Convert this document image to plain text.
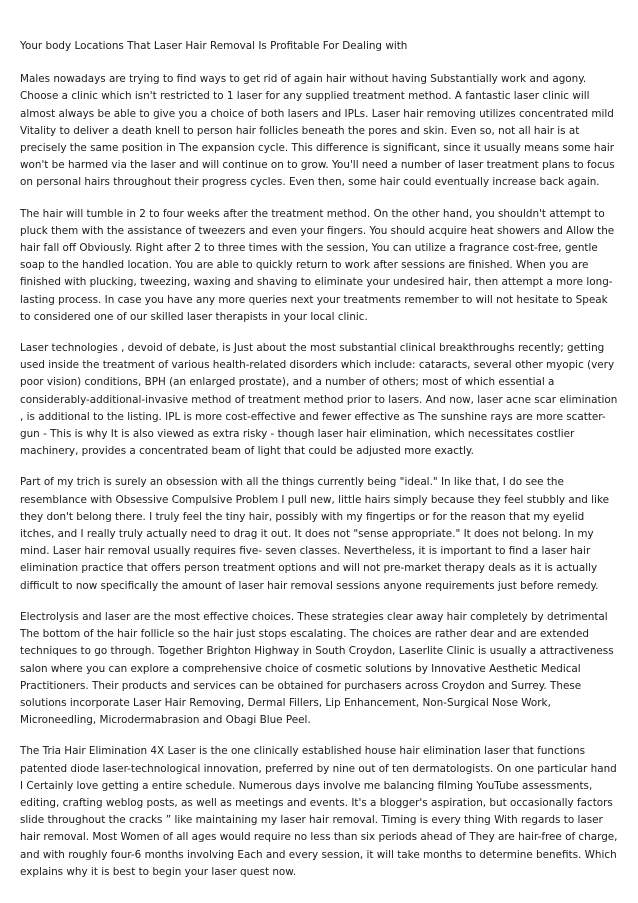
Your body Locations That Laser Hair Removal Is Profitable For Dealing with

Males nowadays are trying to find ways to get rid of again hair without having Substantially work and agony. Choose a clinic which isn't restricted to 1 laser for any supplied treatment method. A fantastic laser clinic will almost always be able to give you a choice of both lasers and IPLs. Laser hair removing utilizes concentrated mild Vitality to deliver a death knell to person hair follicles beneath the pores and skin. Even so, not all hair is at precisely the same position in The expansion cycle. This difference is significant, since it usually means some hair won't be harmed via the laser and will continue on to grow. You'll need a number of laser treatment plans to focus on personal hairs throughout their progress cycles. Even then, some hair could eventually increase back again.

The hair will tumble in 2 to four weeks after the treatment method. On the other hand, you shouldn't attempt to pluck them with the assistance of tweezers and even your fingers. You should acquire heat showers and Allow the hair fall off Obviously. Right after 2 to three times with the session, You can utilize a fragrance cost-free, gentle soap to the handled location. You are able to quickly return to work after sessions are finished. When you are finished with plucking, tweezing, waxing and shaving to eliminate your undesired hair, then attempt a more long-lasting process. In case you have any more queries next your treatments remember to will not hesitate to Speak to considered one of our skilled laser therapists in your local clinic.

Laser technologies , devoid of debate, is Just about the most substantial clinical breakthroughs recently; getting used inside the treatment of various health-related disorders which include: cataracts, several other myopic (very poor vision) conditions, BPH (an enlarged prostate), and a number of others; most of which essential a considerably-additional-invasive method of treatment method prior to lasers. And now, laser acne scar elimination , is additional to the listing. IPL is more cost-effective and fewer effective as The sunshine rays are more scatter-gun - This is why It is also viewed as extra risky - though laser hair elimination, which necessitates costlier machinery, provides a concentrated beam of light that could be adjusted more exactly.

Part of my trich is surely an obsession with all the things currently being "ideal." In like that, I do see the resemblance with Obsessive Compulsive Problem I pull new, little hairs simply because they feel stubbly and like they don't belong there. I truly feel the tiny hair, possibly with my fingertips or for the reason that my eyelid itches, and I really truly actually need to drag it out. It does not "sense appropriate." It does not belong. In my mind. Laser hair removal usually requires five- seven classes. Nevertheless, it is important to find a laser hair elimination practice that offers person treatment options and will not pre-market therapy deals as it is actually difficult to now specifically the amount of laser hair removal sessions anyone requirements just before remedy.

Electrolysis and laser are the most effective choices. These strategies clear away hair completely by detrimental The bottom of the hair follicle so the hair just stops escalating. The choices are rather dear and are extended techniques to go through. Together Brighton Highway in South Croydon, Laserlite Clinic is usually a attractiveness salon where you can explore a comprehensive choice of cosmetic solutions by Innovative Aesthetic Medical Practitioners. Their products and services can be obtained for purchasers across Croydon and Surrey. These solutions incorporate Laser Hair Removing, Dermal Fillers, Lip Enhancement, Non-Surgical Nose Work, Microneedling, Microdermabrasion and Obagi Blue Peel.

The Tria Hair Elimination 4X Laser is the one clinically established house hair elimination laser that functions patented diode laser-technological innovation, preferred by nine out of ten dermatologists. On one particular hand I Certainly love getting a entire schedule. Numerous days involve me balancing filming YouTube assessments, editing, crafting weblog posts, as well as meetings and events. It's a blogger's aspiration, but occasionally factors slide throughout the cracks ” like maintaining my laser hair removal. Timing is every thing With regards to laser hair removal. Most Women of all ages would require no less than six periods ahead of They are hair-free of charge, and with roughly four-6 months involving Each and every session, it will take months to determine benefits. Which explains why it is best to begin your laser quest now.
